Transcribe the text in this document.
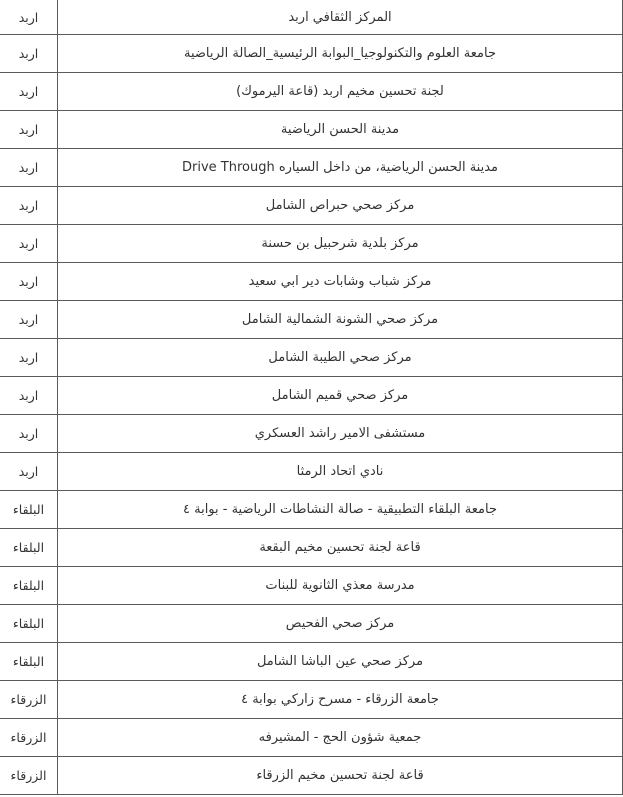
اربد	المركز الثقافي اربد
اربد	جامعة العلوم والتكنولوجيا_البوابة الرئيسية_الصالة الرياضية
اربد	لجنة تحسين مخيم اربد (قاعة اليرموك)
اربد	مدينة الحسن الرياضية
اربد	مدينة الحسن الرياضية، من داخل السياره Drive Through
اربد	مركز صحي حبراص الشامل
اربد	مركز بلدية شرحبيل بن حسنة
اربد	مركز شباب وشابات دير ابي سعيد
اربد	مركز صحي الشونة الشمالية الشامل
اربد	مركز صحي الطيبة الشامل
اربد	مركز صحي قميم الشامل
اربد	مستشفى الامير راشد العسكري
اربد	نادي اتحاد الرمثا
البلقاء	جامعة البلقاء التطبيقية - صالة النشاطات الرياضية - بوابة ٤
البلقاء	قاعة لجنة تحسين مخيم البقعة
البلقاء	مدرسة معذي الثانوية للبنات
البلقاء	مركز صحي الفحيص
البلقاء	مركز صحي عين الباشا الشامل
الزرقاء	جامعة الزرقاء - مسرح زاركي بوابة ٤
الزرقاء	جمعية شؤون الحج - المشيرفه
الزرقاء	قاعة لجنة تحسين مخيم الزرقاء
